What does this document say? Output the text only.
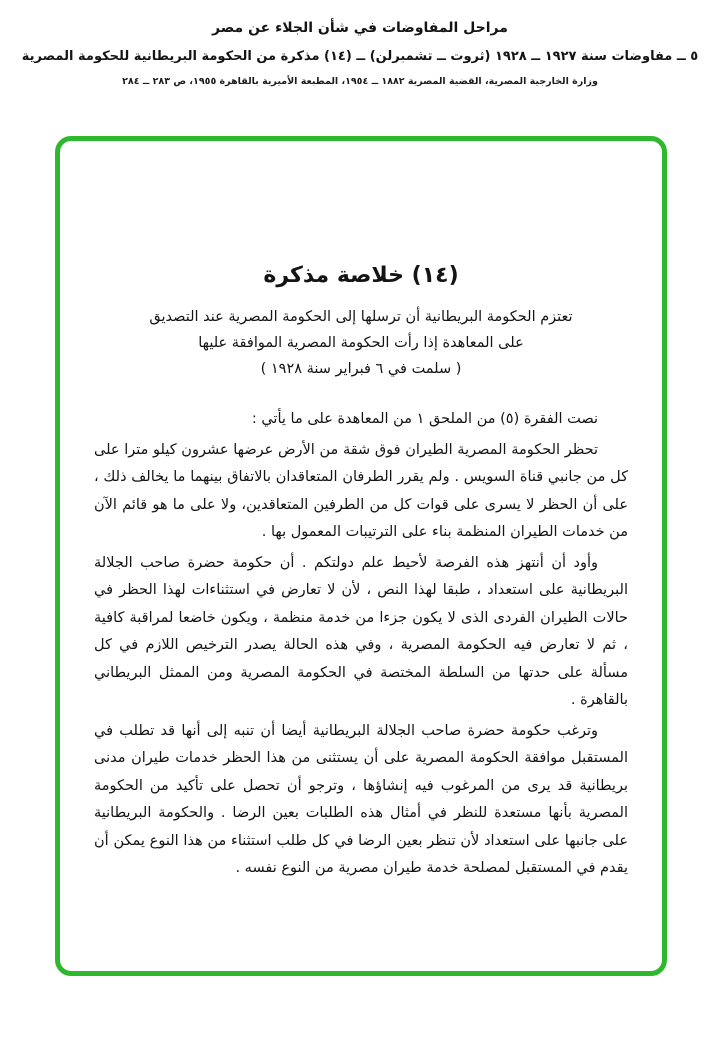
مراحل المفاوضات في شأن الجلاء عن مصر
٥ ــ مفاوضات سنة ١٩٢٧ ــ ١٩٢٨ (ثروت ــ تشمبرلن) ــ (١٤) مذكرة من الحكومة البريطانية للحكومة المصرية
وزارة الخارجية المصرية، القضية المصرية ١٨٨٢ ــ ١٩٥٤، المطبعة الأميرية بالقاهرة ١٩٥٥، ص ٢٨٣ ــ ٢٨٤
(١٤) خلاصة مذكرة

تعتزم الحكومة البريطانية أن ترسلها إلى الحكومة المصرية عند التصديق

على المعاهدة إذا رأت الحكومة المصرية الموافقة عليها

( سلمت في ٦ فبراير سنة ١٩٢٨ )

نصت الفقرة (٥) من الملحق ١ من المعاهدة على ما يأتي :

تحظر الحكومة المصرية الطيران فوق شقة من الأرض عرضها عشرون كيلو مترا على كل من جانبي قناة السويس . ولم يقرر الطرفان المتعاقدان بالاتفاق بينهما ما يخالف ذلك ، على أن الحظر لا يسرى على قوات كل من الطرفين المتعاقدين، ولا على ما هو قائم الآن من خدمات الطيران المنظمة بناء على الترتيبات المعمول بها .

وأود أن أنتهز هذه الفرصة لأحيط علم دولتكم . أن حكومة حضرة صاحب الجلالة البريطانية على استعداد ، طبقا لهذا النص ، لأن لا تعارض في استثناءات لهذا الحظر في حالات الطيران الفردى الذى لا يكون جزءا من خدمة منظمة ، ويكون خاضعا لمراقبة كافية ، ثم لا تعارض فيه الحكومة المصرية ، وفي هذه الحالة يصدر الترخيص اللازم في كل مسألة على حدتها من السلطة المختصة في الحكومة المصرية ومن الممثل البريطاني بالقاهرة .

وترغب حكومة حضرة صاحب الجلالة البريطانية أيضا أن تنبه إلى أنها قد تطلب في المستقبل موافقة الحكومة المصرية على أن يستثنى من هذا الحظر خدمات طيران مدنى بريطانية قد يرى من المرغوب فيه إنشاؤها ، وترجو أن تحصل على تأكيد من الحكومة المصرية بأنها مستعدة للنظر في أمثال هذه الطلبات بعين الرضا . والحكومة البريطانية على جانبها على استعداد لأن تنظر بعين الرضا في كل طلب استثناء من هذا النوع يمكن أن يقدم في المستقبل لمصلحة خدمة طيران مصرية من النوع نفسه .
